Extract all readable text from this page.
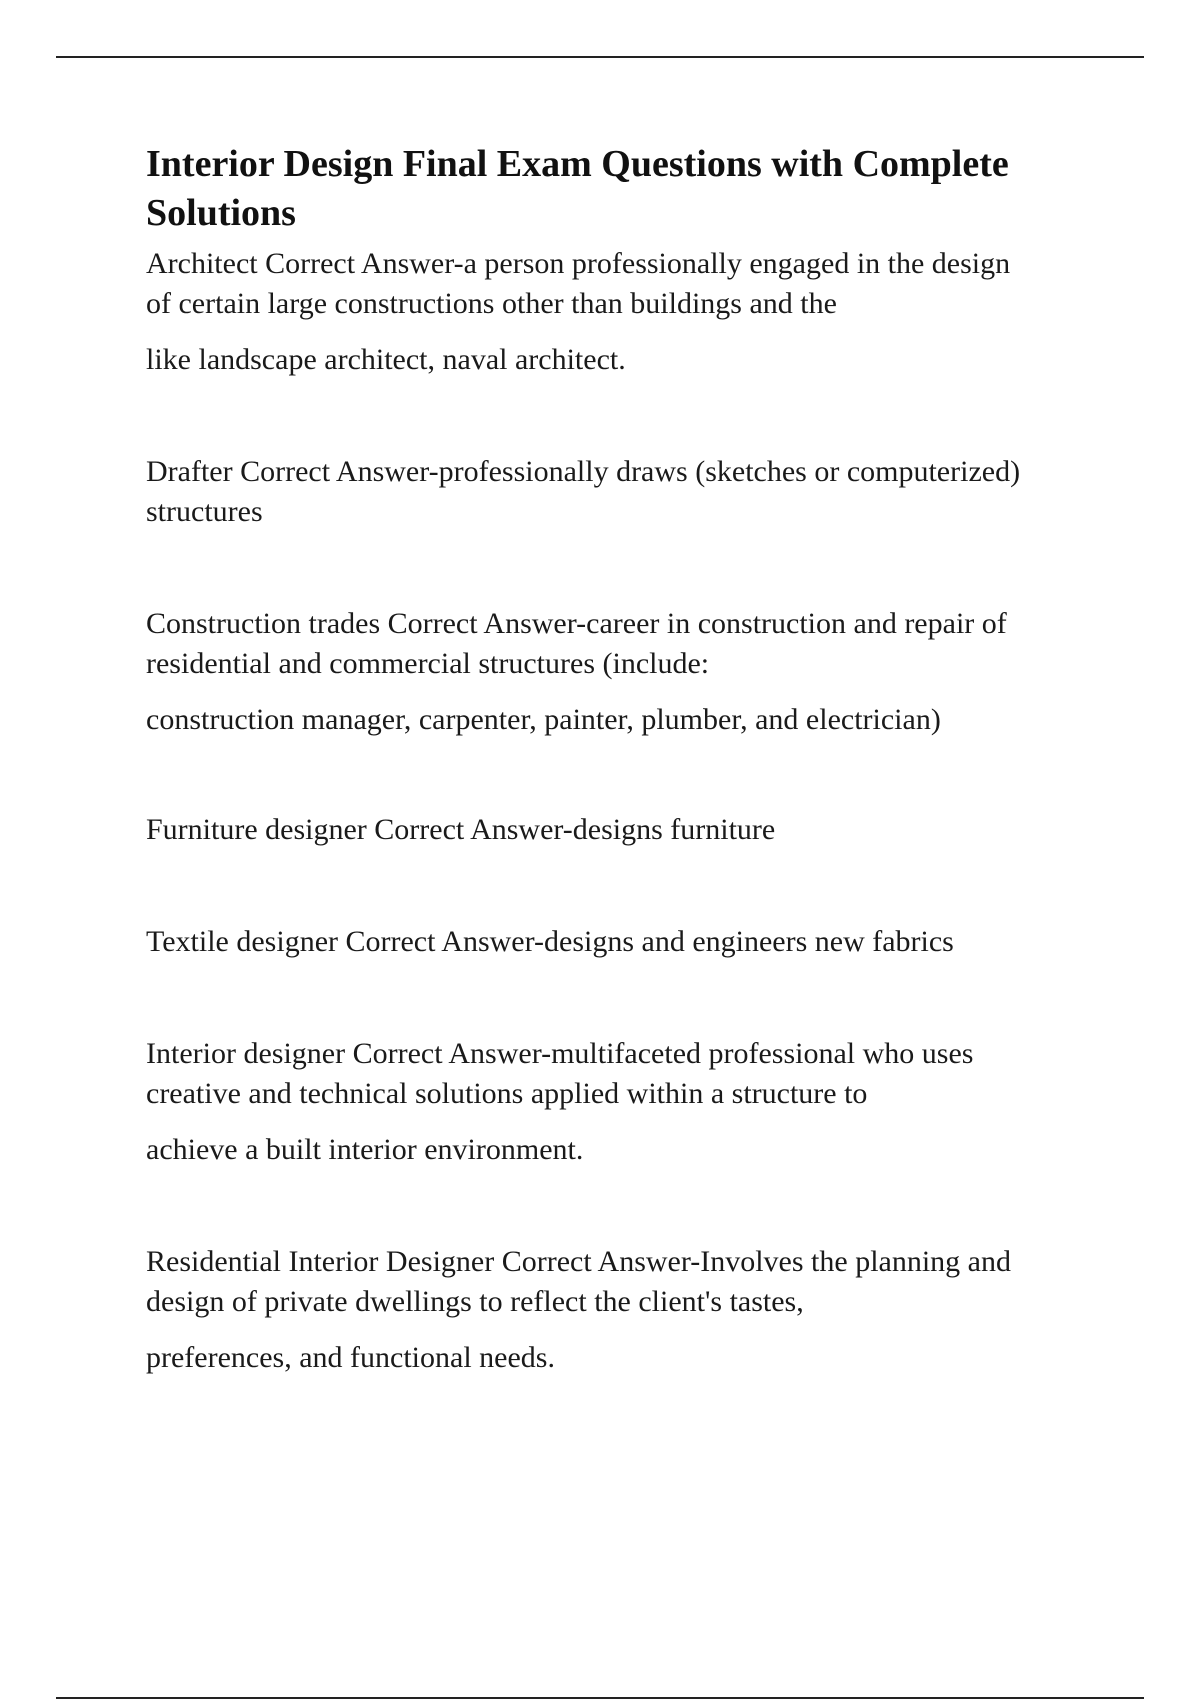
Interior Design Final Exam Questions with Complete
Solutions
Architect Correct Answer-a person professionally engaged in the design
of certain large constructions other than buildings and the
like landscape architect, naval architect.
Drafter Correct Answer-professionally draws (sketches or computerized)
structures
Construction trades Correct Answer-career in construction and repair of
residential and commercial structures (include:
construction manager, carpenter, painter, plumber, and electrician)
Furniture designer Correct Answer-designs furniture
Textile designer Correct Answer-designs and engineers new fabrics
Interior designer Correct Answer-multifaceted professional who uses
creative and technical solutions applied within a structure to
achieve a built interior environment.
Residential Interior Designer Correct Answer-Involves the planning and
design of private dwellings to reflect the client's tastes,
preferences, and functional needs.
